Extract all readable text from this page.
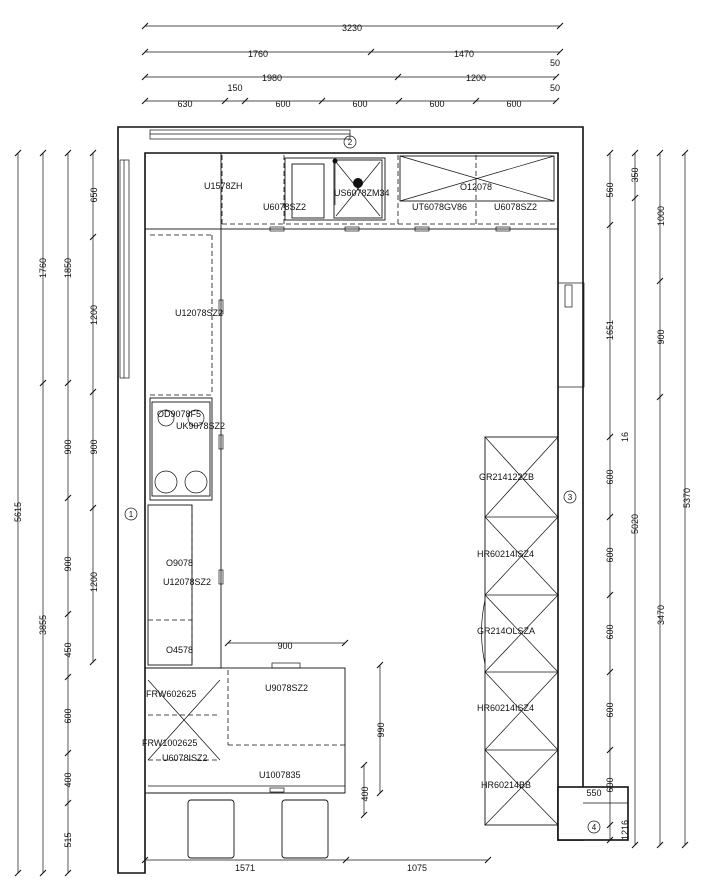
3230
1760	1470
50
1980	1200
50
630
150
600	600	600	600
5615
1760
3855
1850
900
900
450
600
400
515
650
1200
900
1200
5370
1000
900
3470
350
5020
560
1651
16
600
600
600
600
600
550
1216
1571	1075
900
990
400
U1578ZH
U6078SZ2
US6078ZM34
UT6078GV86
O12078
U6078SZ2
U12078SZ2
OD9078F5
UK9078SZ2
O9078
U12078SZ2
O4578
FRW602625
FRW1002625
U6078ISZ2
U9078SZ2
U1007835
GR214122ZB
HR60214ISZ4
GR214OLSZA
HR60214ISZ4
HR60214BB
1
2
3
4
